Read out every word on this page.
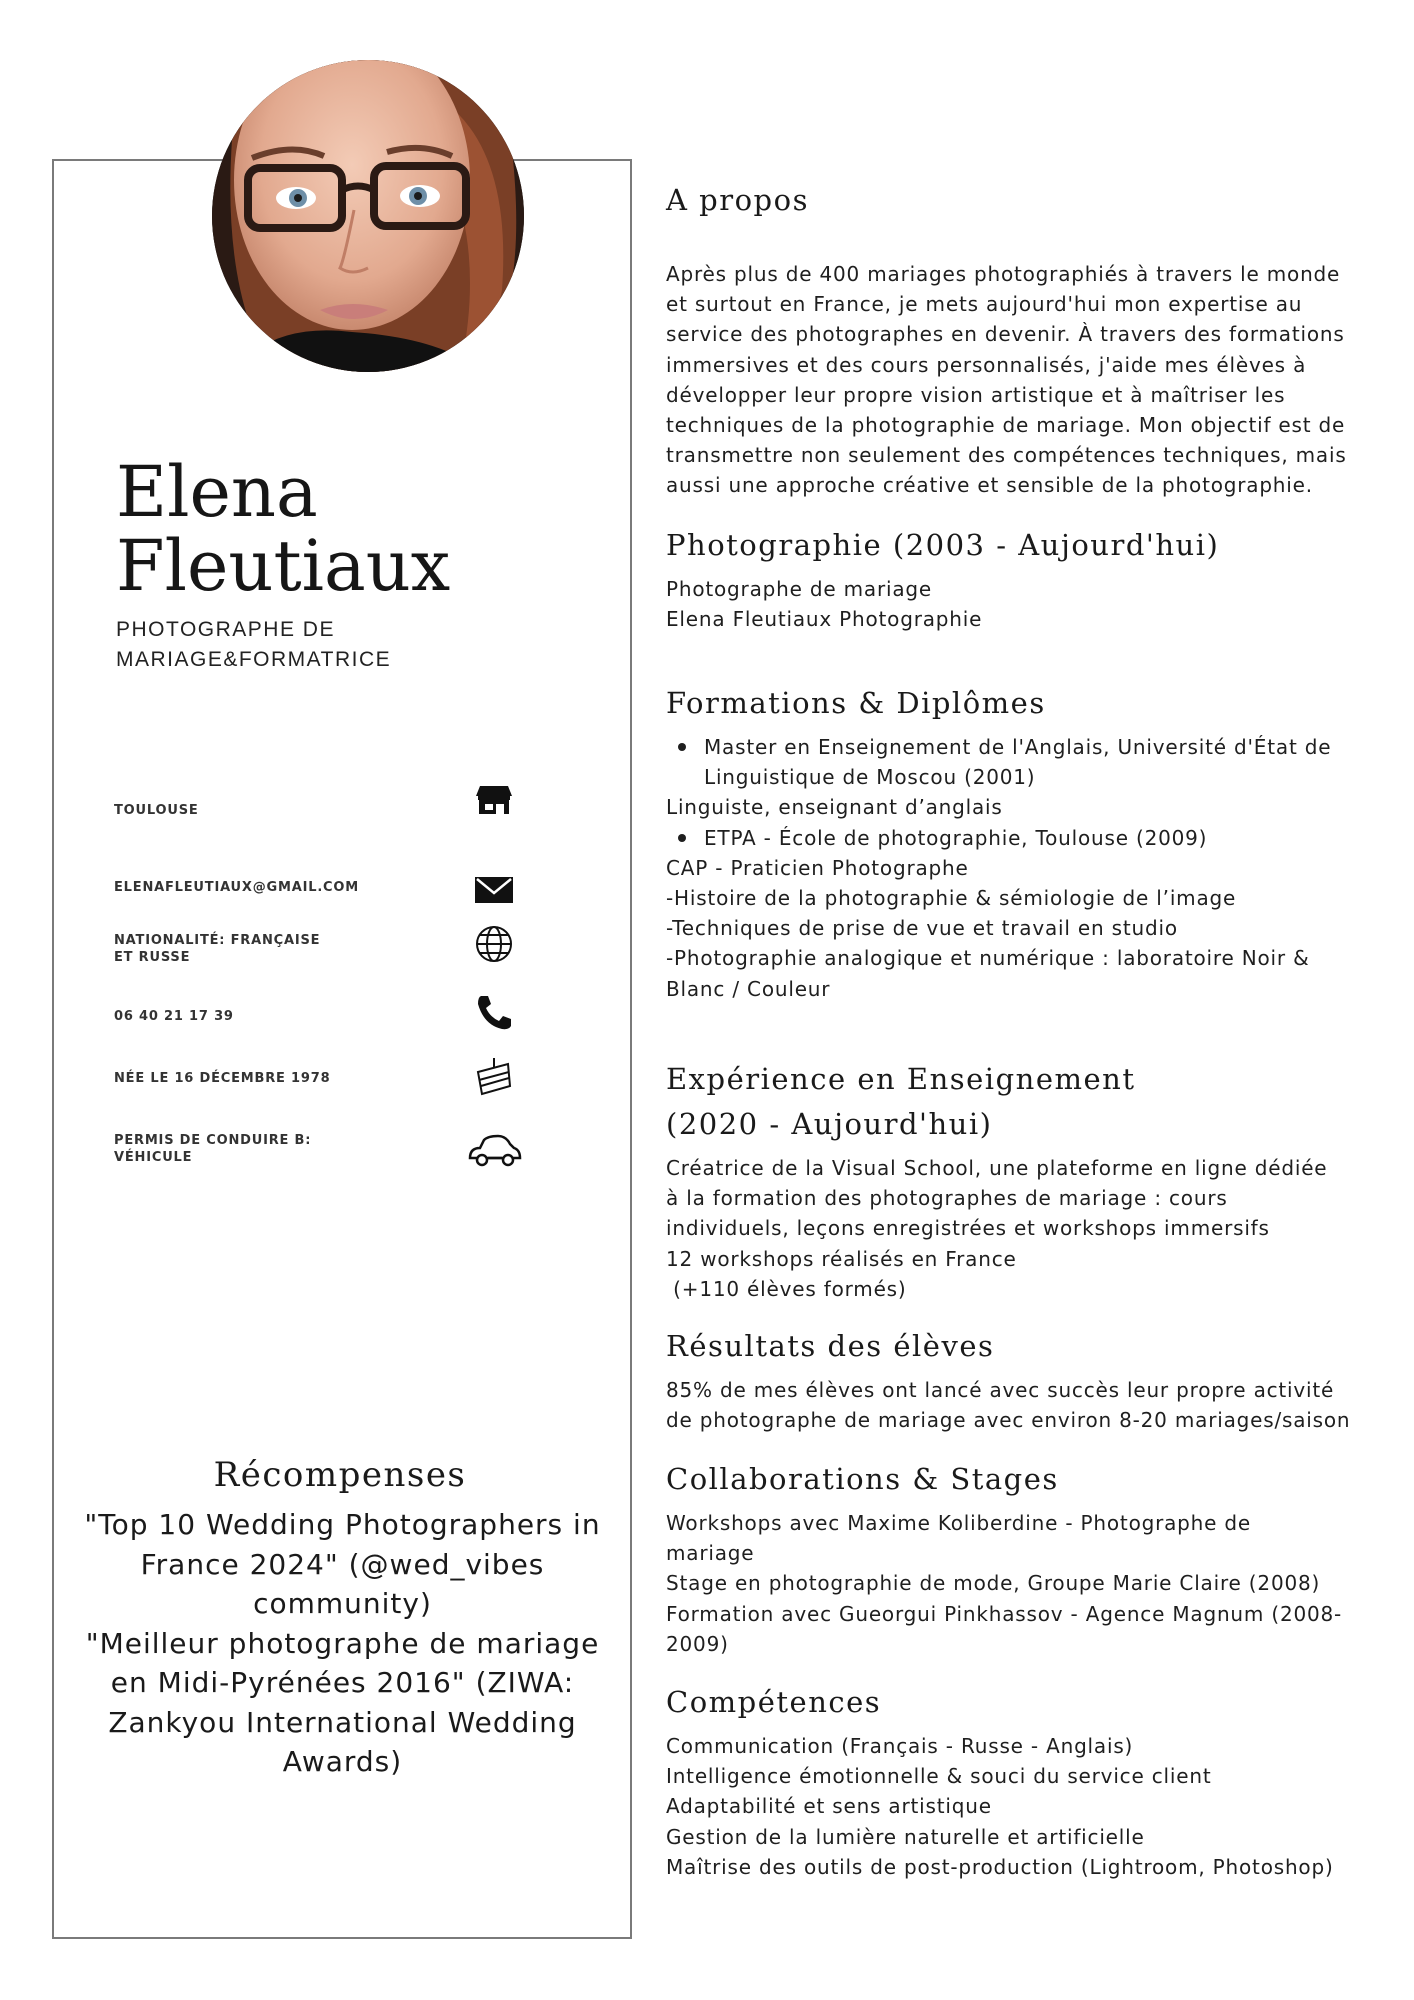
Elena
Fleutiaux
PHOTOGRAPHE DE MARIAGE&FORMATRICE
TOULOUSE
ELENAFLEUTIAUX@GMAIL.COM
NATIONALITÉ: FRANÇAISE ET RUSSE
06 40 21 17 39
NÉE LE 16 DÉCEMBRE 1978
PERMIS DE CONDUIRE B: VÉHICULE
Récompenses

"Top 10 Wedding Photographers in France 2024" (@wed_vibes community)

"Meilleur photographe de mariage en Midi-Pyrénées 2016" (ZIWA: Zankyou International Wedding Awards)

A propos
Après plus de 400 mariages photographiés à travers le monde
et surtout en France, je mets aujourd'hui mon expertise au
service des photographes en devenir. À travers des formations
immersives et des cours personnalisés, j'aide mes élèves à
développer leur propre vision artistique et à maîtriser les
techniques de la photographie de mariage. Mon objectif est de
transmettre non seulement des compétences techniques, mais
aussi une approche créative et sensible de la photographie.
Photographie (2003 - Aujourd'hui)
Photographe de mariage
Elena Fleutiaux Photographie
Formations & Diplômes
Master en Enseignement de l'Anglais, Université d'État de Linguistique de Moscou (2001)
Linguiste, enseignant d’anglais
ETPA - École de photographie, Toulouse (2009)
CAP - Praticien Photographe
-Histoire de la photographie & sémiologie de l’image
-Techniques de prise de vue et travail en studio
-Photographie analogique et numérique : laboratoire Noir &
Blanc / Couleur
Expérience en Enseignement
(2020 - Aujourd'hui)
Créatrice de la Visual School, une plateforme en ligne dédiée
à la formation des photographes de mariage : cours
individuels, leçons enregistrées et workshops immersifs
12 workshops réalisés en France
(+110 élèves formés)
Résultats des élèves
85% de mes élèves ont lancé avec succès leur propre activité
de photographe de mariage avec environ 8-20 mariages/saison
Collaborations & Stages
Workshops avec Maxime Koliberdine - Photographe de
mariage
Stage en photographie de mode, Groupe Marie Claire (2008)
Formation avec Gueorgui Pinkhassov - Agence Magnum (2008-
2009)
Compétences
Communication (Français - Russe - Anglais)
Intelligence émotionnelle & souci du service client
Adaptabilité et sens artistique
Gestion de la lumière naturelle et artificielle
Maîtrise des outils de post-production (Lightroom, Photoshop)
